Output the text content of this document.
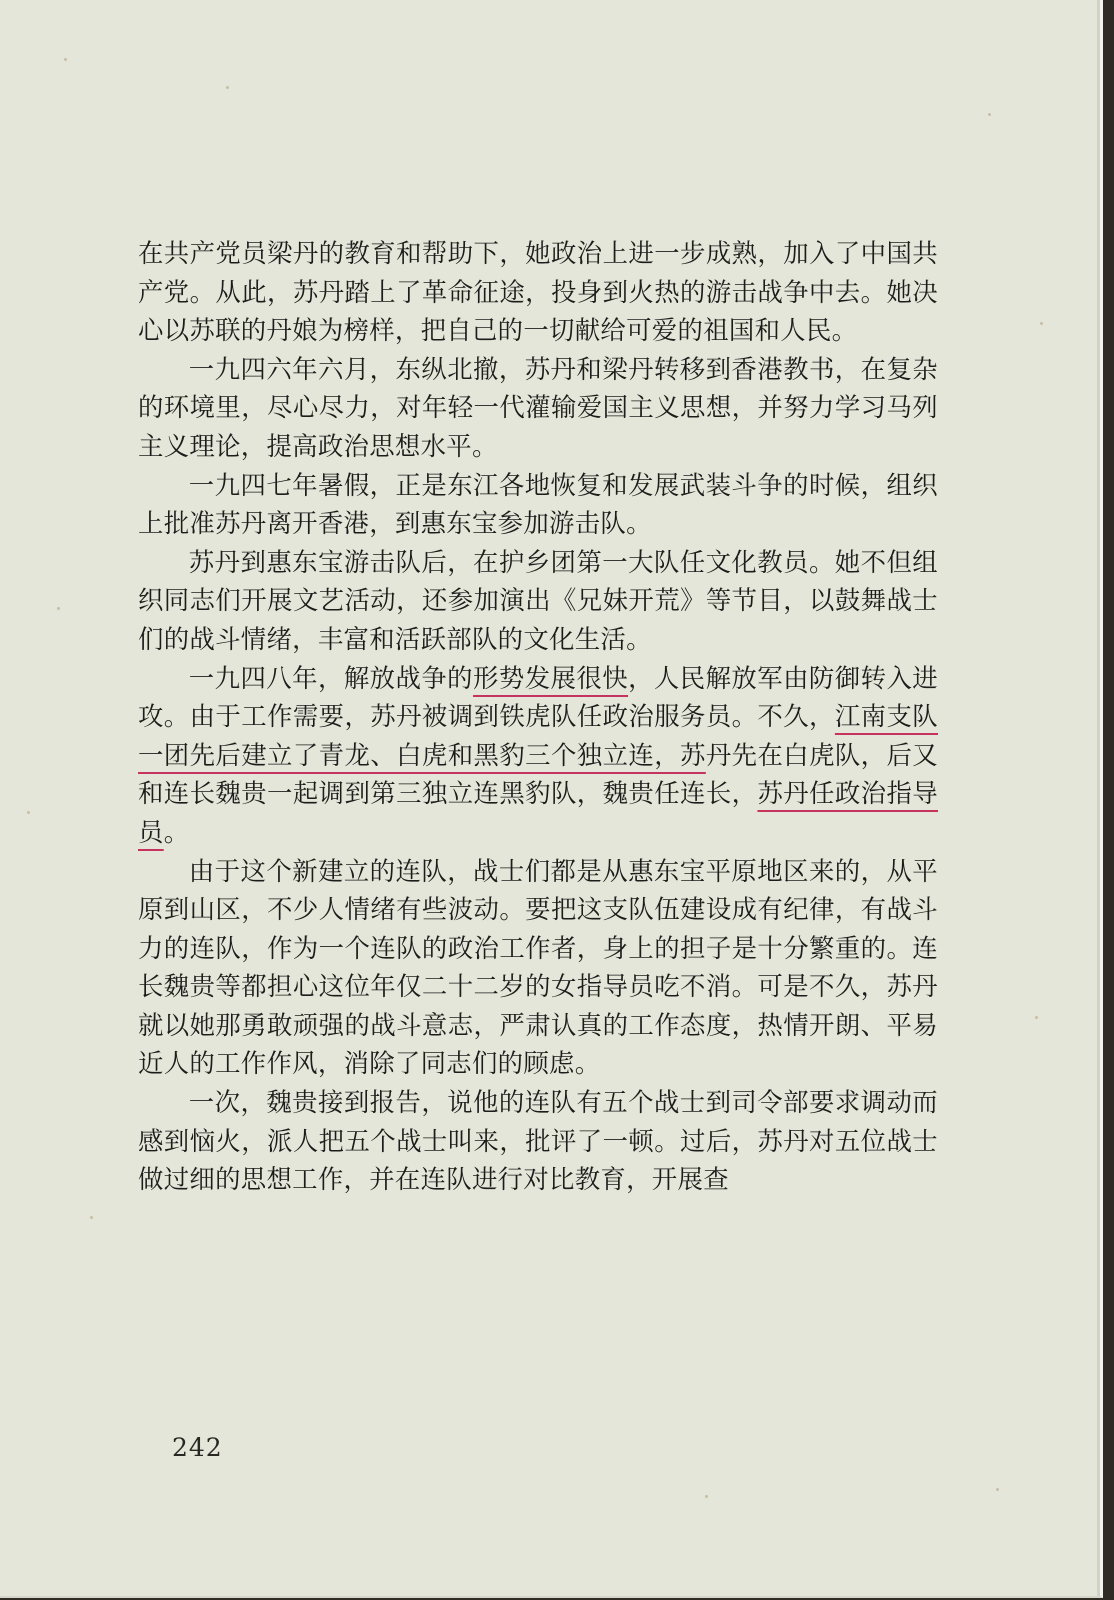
在共产党员梁丹的教育和帮助下，她政治上进一步成熟，加入了中国共产党。从此，苏丹踏上了革命征途，投身到火热的游击战争中去。她决心以苏联的丹娘为榜样，把自己的一切献给可爱的祖国和人民。

一九四六年六月，东纵北撤，苏丹和梁丹转移到香港教书，在复杂的环境里，尽心尽力，对年轻一代灌输爱国主义思想，并努力学习马列主义理论，提高政治思想水平。

一九四七年暑假，正是东江各地恢复和发展武装斗争的时候，组织上批准苏丹离开香港，到惠东宝参加游击队。

苏丹到惠东宝游击队后，在护乡团第一大队任文化教员。她不但组织同志们开展文艺活动，还参加演出《兄妹开荒》等节目，以鼓舞战士们的战斗情绪，丰富和活跃部队的文化生活。

一九四八年，解放战争的形势发展很快，人民解放军由防御转入进攻。由于工作需要，苏丹被调到铁虎队任政治服务员。不久，江南支队一团先后建立了青龙、白虎和黑豹三个独立连，苏丹先在白虎队，后又和连长魏贵一起调到第三独立连黑豹队，魏贵任连长，苏丹任政治指导员。

由于这个新建立的连队，战士们都是从惠东宝平原地区来的，从平原到山区，不少人情绪有些波动。要把这支队伍建设成有纪律，有战斗力的连队，作为一个连队的政治工作者，身上的担子是十分繁重的。连长魏贵等都担心这位年仅二十二岁的女指导员吃不消。可是不久，苏丹就以她那勇敢顽强的战斗意志，严肃认真的工作态度，热情开朗、平易近人的工作作风，消除了同志们的顾虑。

一次，魏贵接到报告，说他的连队有五个战士到司令部要求调动而感到恼火，派人把五个战士叫来，批评了一顿。过后，苏丹对五位战士做过细的思想工作，并在连队进行对比教育，开展查

242
